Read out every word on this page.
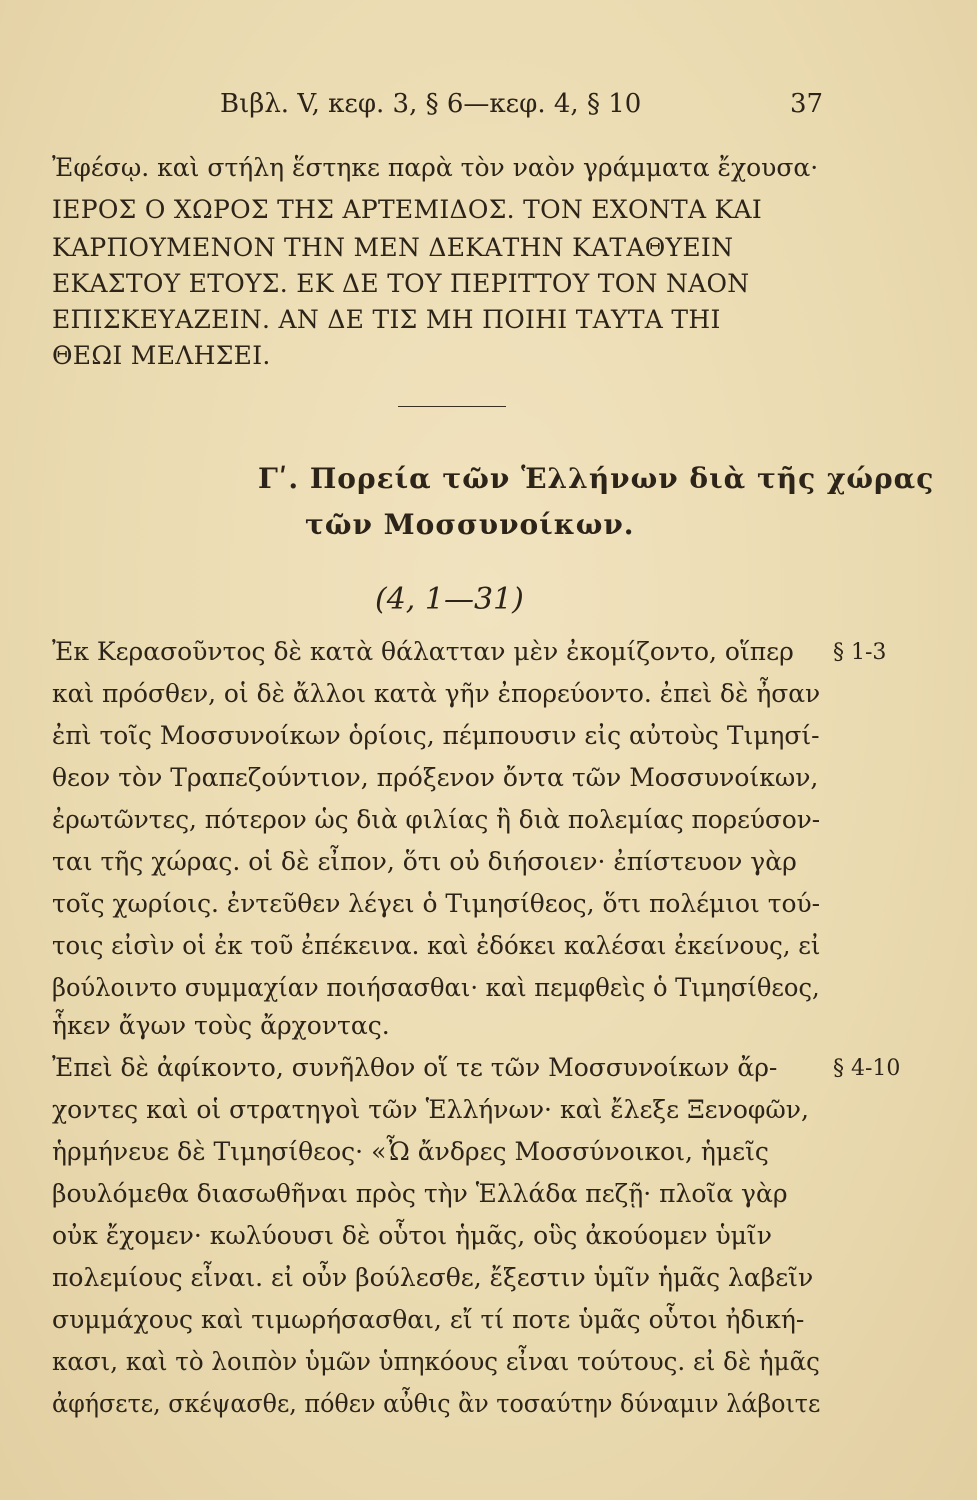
Βιβλ. V, κεφ. 3, § 6—κεφ. 4, § 10	37
Ἐφέσῳ. καὶ στήλη ἕστηκε παρὰ τὸν ναὸν γράμματα ἔχουσα·
ΙΕΡΟΣ Ο ΧΩΡΟΣ ΤΗΣ ΑΡΤΕΜΙΔΟΣ. ΤΟΝ ΕΧΟΝΤΑ ΚΑΙ
ΚΑΡΠΟΥΜΕΝΟΝ ΤΗΝ ΜΕΝ ΔΕΚΑΤΗΝ ΚΑΤΑΘΥΕΙΝ
ΕΚΑΣΤΟΥ ΕΤΟΥΣ. ΕΚ ΔΕ ΤΟΥ ΠΕΡΙΤΤΟΥ ΤΟΝ ΝΑΟΝ
ΕΠΙΣΚΕΥΑΖΕΙΝ. ΑΝ ΔΕ ΤΙΣ ΜΗ ΠΟΙΗΙ ΤΑΥΤΑ ΤΗΙ
ΘΕΩΙ ΜΕΛΗΣΕΙ.
Γʹ. Πορεία τῶν Ἑλλήνων διὰ τῆς χώρας
τῶν Μοσσυνοίκων.
(4, 1—31)
Ἐκ Κερασοῦντος δὲ κατὰ θάλατταν μὲν ἐκομίζοντο, οἵπερ
καὶ πρόσθεν, οἱ δὲ ἄλλοι κατὰ γῆν ἐπορεύοντο. ἐπεὶ δὲ ἦσαν
ἐπὶ τοῖς Μοσσυνοίκων ὁρίοις, πέμπουσιν εἰς αὐτοὺς Τιμησί-
θεον τὸν Τραπεζούντιον, πρόξενον ὄντα τῶν Μοσσυνοίκων,
ἐρωτῶντες, πότερον ὡς διὰ φιλίας ἢ διὰ πολεμίας πορεύσον-
ται τῆς χώρας. οἱ δὲ εἶπον, ὅτι οὐ διήσοιεν· ἐπίστευον γὰρ
τοῖς χωρίοις. ἐντεῦθεν λέγει ὁ Τιμησίθεος, ὅτι πολέμιοι τού-
τοις εἰσὶν οἱ ἐκ τοῦ ἐπέκεινα. καὶ ἐδόκει καλέσαι ἐκείνους, εἰ
βούλοιντο συμμαχίαν ποιήσασθαι· καὶ πεμφθεὶς ὁ Τιμησίθεος,
ἧκεν ἄγων τοὺς ἄρχοντας.
Ἐπεὶ δὲ ἀφίκοντο, συνῆλθον οἵ τε τῶν Μοσσυνοίκων ἄρ-
χοντες καὶ οἱ στρατηγοὶ τῶν Ἑλλήνων· καὶ ἔλεξε Ξενοφῶν,
ἡρμήνευε δὲ Τιμησίθεος· «Ὦ ἄνδρες Μοσσύνοικοι, ἡμεῖς
βουλόμεθα διασωθῆναι πρὸς τὴν Ἑλλάδα πεζῇ· πλοῖα γὰρ
οὐκ ἔχομεν· κωλύουσι δὲ οὗτοι ἡμᾶς, οὓς ἀκούομεν ὑμῖν
πολεμίους εἶναι. εἰ οὖν βούλεσθε, ἔξεστιν ὑμῖν ἡμᾶς λαβεῖν
συμμάχους καὶ τιμωρήσασθαι, εἴ τί ποτε ὑμᾶς οὗτοι ἠδική-
κασι, καὶ τὸ λοιπὸν ὑμῶν ὑπηκόους εἶναι τούτους. εἰ δὲ ἡμᾶς
ἀφήσετε, σκέψασθε, πόθεν αὖθις ἂν τοσαύτην δύναμιν λάβοιτε
§ 1-3
§ 4-10
